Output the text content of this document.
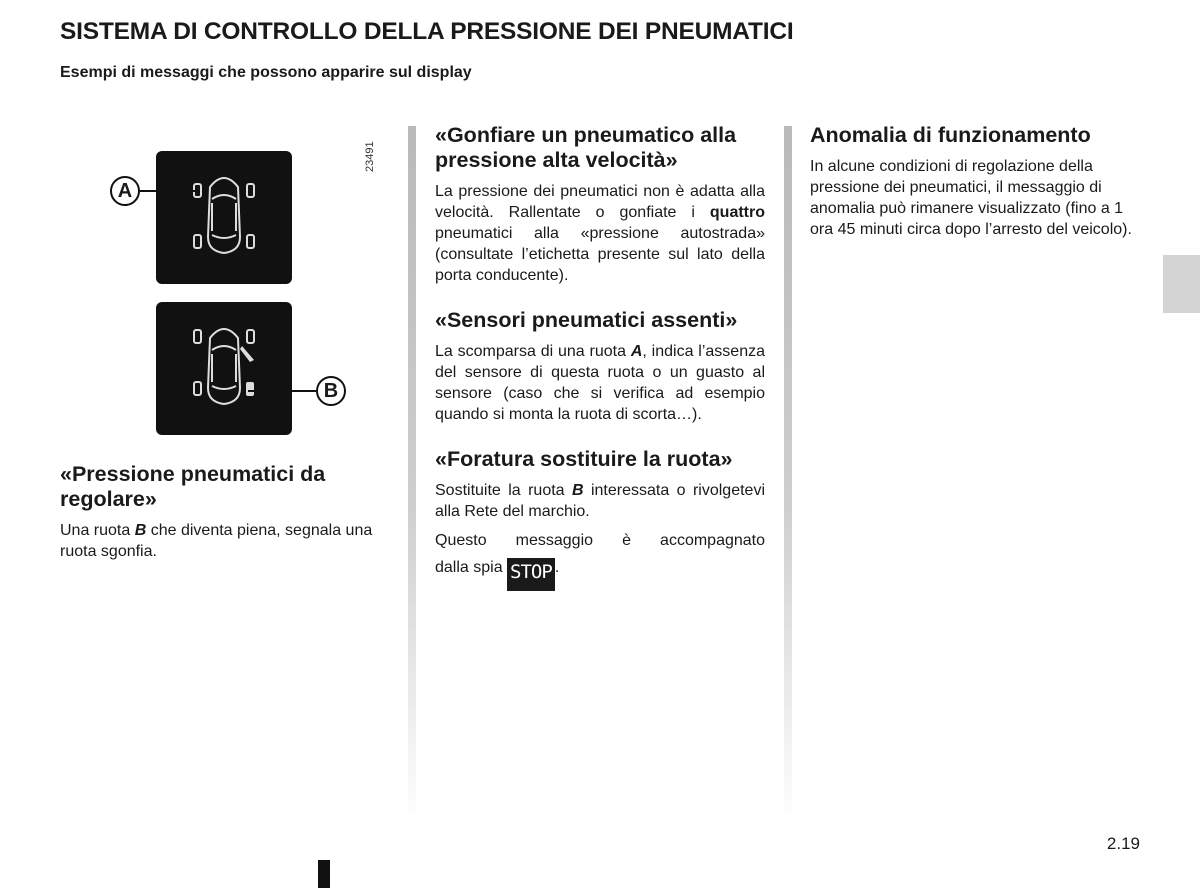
SISTEMA DI CONTROLLO DELLA PRESSIONE DEI PNEUMATICI
Esempi di messaggi che possono apparire sul display
23491
A
B
«Pressione pneumatici da regolare»

Una ruota B che diventa piena, segnala una ruota sgonfia.

«Gonfiare un pneumatico alla pressione alta velocità»

La pressione dei pneumatici non è adatta alla velocità. Rallentate o gonfiate i quattro pneumatici alla «pressione autostrada» (consultate l’etichetta presente sul lato della porta conducente).

«Sensori pneumatici assenti»

La scomparsa di una ruota A, indica l’assenza del sensore di questa ruota o un guasto al sensore (caso che si verifica ad esempio quando si monta la ruota di scorta…).

«Foratura sostituire la ruota»

Sostituite la ruota B interessata o rivolgetevi alla Rete del marchio.

Questo messaggio è accompagnato

dalla spia STOP .

Anomalia di funzionamento

In alcune condizioni di regolazione della pressione dei pneumatici, il messaggio di anomalia può rimanere visualizzato (fino a 1 ora 45 minuti circa dopo l’arresto del veicolo).

2.19
